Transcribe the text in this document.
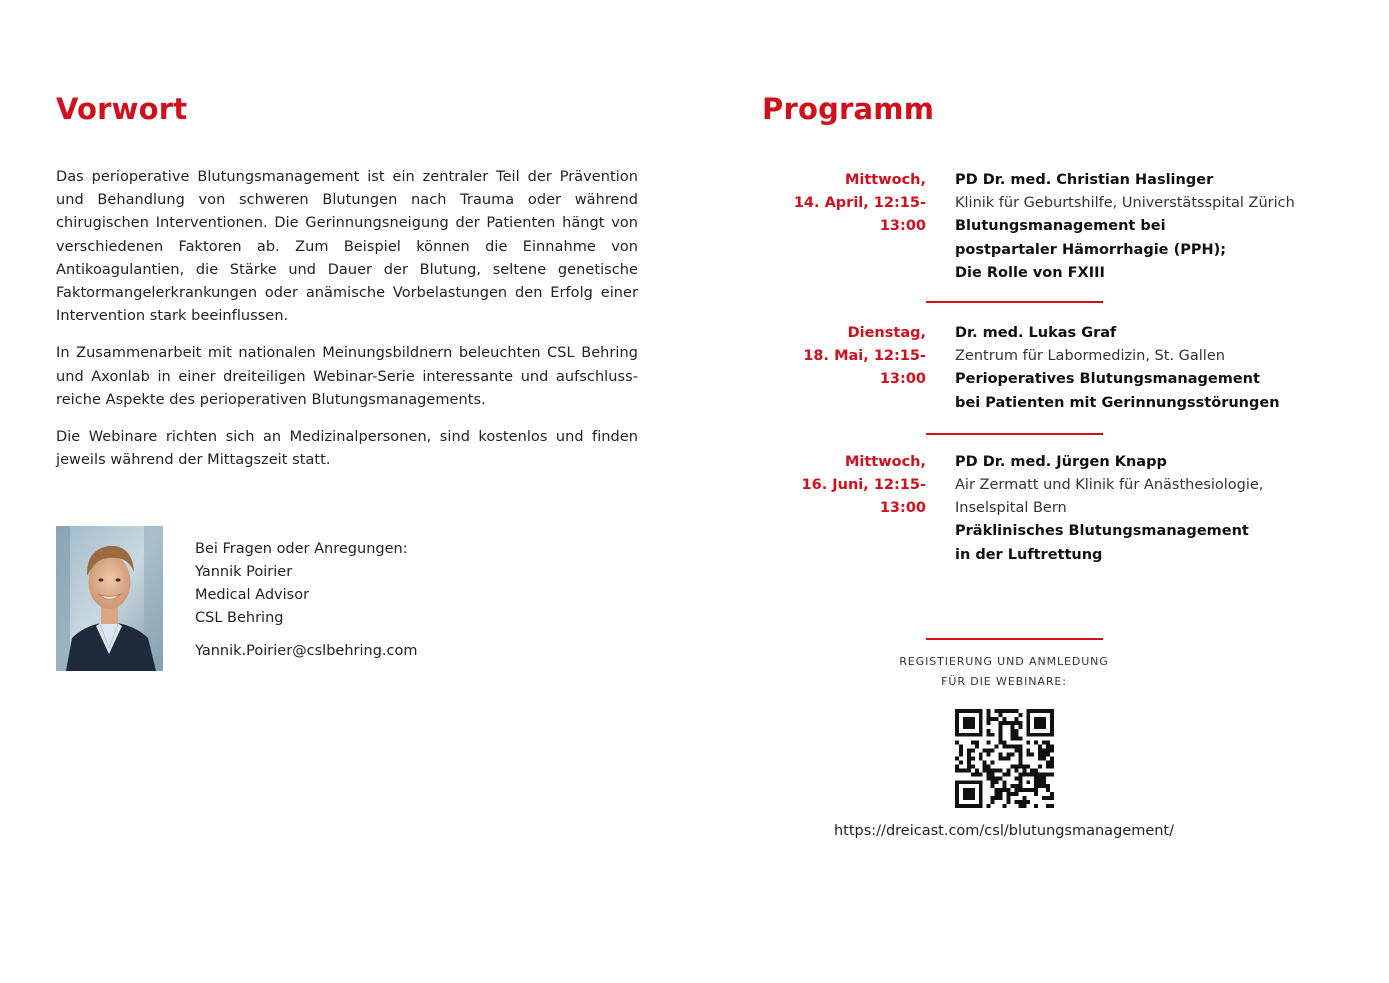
Vorwort

Das perioperative Blutungsmanagement ist ein zentraler Teil der Prävention und Behandlung von schweren Blutungen nach Trauma oder während chirugischen Interventionen. Die Gerinnungsneigung der Patienten hängt von verschiedenen Faktoren ab. Zum Beispiel können die Einnahme von Antikoagulantien, die Stärke und Dauer der Blutung, seltene genetische Faktormangelerkrankungen oder anämische Vorbelastungen den Erfolg einer Intervention stark beeinflussen.

In Zusammenarbeit mit nationalen Meinungsbildnern beleuchten CSL Behring und Axonlab in einer dreiteiligen Webinar-Serie interessante und aufschluss-reiche Aspekte des perioperativen Blutungsmanagements.

Die Webinare richten sich an Medizinalpersonen, sind kostenlos und finden jeweils während der Mittagszeit statt.

Bei Fragen oder Anregungen:
Yannik Poirier
Medical Advisor
CSL Behring
Yannik.Poirier@cslbehring.com
Programm
Mittwoch,
14. April, 12:15-13:00
PD Dr. med. Christian Haslinger
Klinik für Geburtshilfe, Universtätsspital Zürich
Blutungsmanagement bei
postpartaler Hämorrhagie (PPH);
Die Rolle von FXIII
Dienstag,
18. Mai, 12:15-13:00
Dr. med. Lukas Graf
Zentrum für Labormedizin, St. Gallen
Perioperatives Blutungsmanagement
bei Patienten mit Gerinnungsstörungen
Mittwoch,
16. Juni, 12:15-13:00
PD Dr. med. Jürgen Knapp
Air Zermatt und Klinik für Anästhesiologie,
Inselspital Bern
Präklinisches Blutungsmanagement
in der Luftrettung
REGISTIERUNG UND ANMLEDUNG
FÜR DIE WEBINARE:
https://dreicast.com/csl/blutungsmanagement/
